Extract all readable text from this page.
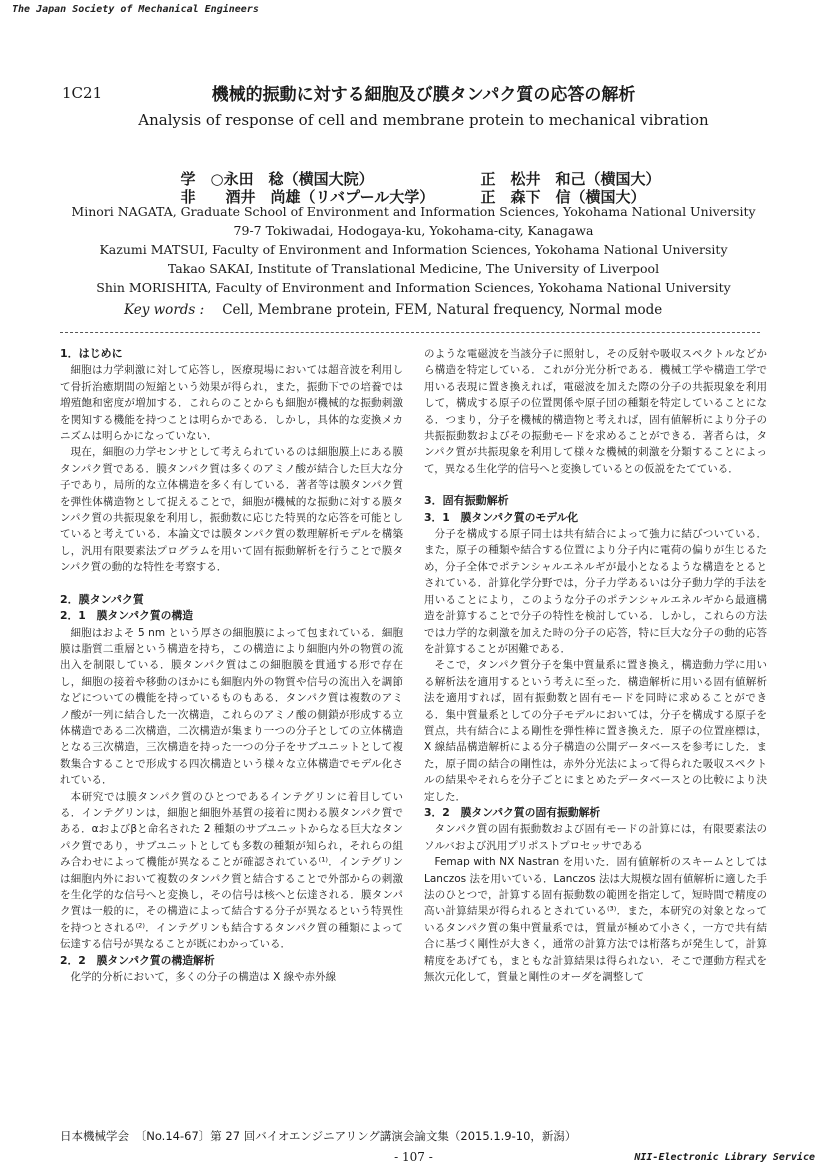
The Japan Society of Mechanical Engineers
1C21	機械的振動に対する細胞及び膜タンパク質の応答の解析
Analysis of response of cell and membrane protein to mechanical vibration

学　 ○永田　稔（横国大院）	正　 松井　和己（横国大）

非　　酒井　尚雄（リバプール大学）	正　 森下　信（横国大）

Minori NAGATA, Graduate School of Environment and Information Sciences, Yokohama National University
79-7 Tokiwadai, Hodogaya-ku, Yokohama-city, Kanagawa
Kazumi MATSUI, Faculty of Environment and Information Sciences, Yokohama National University
Takao SAKAI, Institute of Translational Medicine, The University of Liverpool
Shin MORISHITA, Faculty of Environment and Information Sciences, Yokohama National University
Key words : Cell, Membrane protein, FEM, Natural frequency, Normal mode
1．はじめに

細胞は力学刺激に対して応答し，医療現場においては超音波を利用して骨折治癒期間の短縮という効果が得られ，また，振動下での培養では増殖飽和密度が増加する．これらのことからも細胞が機械的な振動刺激を関知する機能を持つことは明らかである．しかし，具体的な変換メカニズムは明らかになっていない．

現在，細胞の力学センサとして考えられているのは細胞膜上にある膜タンパク質である．膜タンパク質は多くのアミノ酸が結合した巨大な分子であり，局所的な立体構造を多く有している．著者等は膜タンパク質を弾性体構造物として捉えることで，細胞が機械的な振動に対する膜タンパク質の共振現象を利用し，振動数に応じた特異的な応答を可能としていると考えている．本論文では膜タンパク質の数理解析モデルを構築し，汎用有限要素法プログラムを用いて固有振動解析を行うことで膜タンパク質の動的な特性を考察する．

2．膜タンパク質
2．1　膜タンパク質の構造

細胞はおよそ 5 nm という厚さの細胞膜によって包まれている．細胞膜は脂質二重層という構造を持ち，この構造により細胞内外の物質の流出入を制限している．膜タンパク質はこの細胞膜を貫通する形で存在し，細胞の接着や移動のほかにも細胞内外の物質や信号の流出入を調節などについての機能を持っているものもある．タンパク質は複数のアミノ酸が一列に結合した一次構造，これらのアミノ酸の側鎖が形成する立体構造である二次構造，二次構造が集まり一つの分子としての立体構造となる三次構造，三次構造を持った一つの分子をサブユニットとして複数集合することで形成する四次構造という様々な立体構造でモデル化されている．

本研究では膜タンパク質のひとつであるインテグリンに着目している．インテグリンは，細胞と細胞外基質の接着に関わる膜タンパク質である．αおよびβと命名された 2 種類のサブユニットからなる巨大なタンパク質であり，サブユニットとしても多数の種類が知られ，それらの組み合わせによって機能が異なることが確認されている⁽¹⁾．インテグリンは細胞内外において複数のタンパク質と結合することで外部からの刺激を生化学的な信号へと変換し，その信号は核へと伝達される．膜タンパク質は一般的に，その構造によって結合する分子が異なるという特異性を持つとされる⁽²⁾．インテグリンも結合するタンパク質の種類によって伝達する信号が異なることが既にわかっている．

2．2　膜タンパク質の構造解析

化学的分析において，多くの分子の構造は X 線や赤外線

のような電磁波を当該分子に照射し，その反射や吸収スペクトルなどから構造を特定している．これが分光分析である．機械工学や構造工学で用いる表現に置き換えれば，電磁波を加えた際の分子の共振現象を利用して，構成する原子の位置関係や原子団の種類を特定していることになる．つまり，分子を機械的構造物と考えれば，固有値解析により分子の共振振動数およびその振動モードを求めることができる．著者らは，タンパク質が共振現象を利用して様々な機械的刺激を分類することによって，異なる生化学的信号へと変換しているとの仮説をたてている．

3．固有振動解析
3．1　膜タンパク質のモデル化

分子を構成する原子同士は共有結合によって強力に結びついている．また，原子の種類や結合する位置により分子内に電荷の偏りが生じるため，分子全体でポテンシャルエネルギが最小となるような構造をとるとされている．計算化学分野では，分子力学あるいは分子動力学的手法を用いることにより，このような分子のポテンシャルエネルギから最適構造を計算することで分子の特性を検討している．しかし，これらの方法では力学的な刺激を加えた時の分子の応答，特に巨大な分子の動的応答を計算することが困難である．

そこで，タンパク質分子を集中質量系に置き換え，構造動力学に用いる解析法を適用するという考えに至った．構造解析に用いる固有値解析法を適用すれば，固有振動数と固有モードを同時に求めることができる．集中質量系としての分子モデルにおいては，分子を構成する原子を質点，共有結合による剛性を弾性棒に置き換えた．原子の位置座標は，X 線結晶構造解析による分子構造の公開データベースを参考にした．また，原子間の結合の剛性は，赤外分光法によって得られた吸収スペクトルの結果やそれらを分子ごとにまとめたデータベースとの比較により決定した．

3．2　膜タンパク質の固有振動解析

タンパク質の固有振動数および固有モードの計算には，有限要素法のソルバおよび汎用プリポストプロセッサである

Femap with NX Nastran を用いた．固有値解析のスキームとしては Lanczos 法を用いている．Lanczos 法は大規模な固有値解析に適した手法のひとつで，計算する固有振動数の範囲を指定して，短時間で精度の高い計算結果が得られるとされている⁽³⁾．また，本研究の対象となっているタンパク質の集中質量系では，質量が極めて小さく，一方で共有結合に基づく剛性が大きく，通常の計算方法では桁落ちが発生して，計算精度をあげても，まともな計算結果は得られない．そこで運動方程式を無次元化して，質量と剛性のオーダを調整して

日本機械学会　〔No.14-67〕第 27 回バイオエンジニアリング講演会論文集（2015.1.9-10，新潟）
- 107 -	NII-Electronic Library Service
